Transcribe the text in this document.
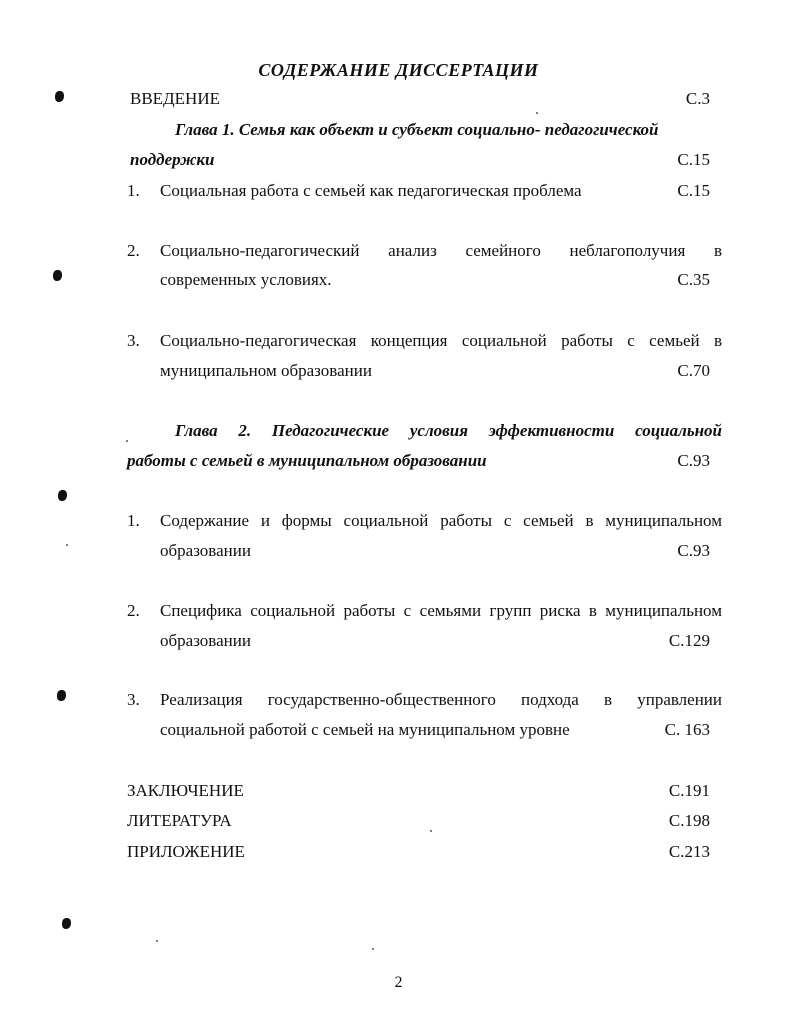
СОДЕРЖАНИЕ ДИССЕРТАЦИИ
ВВЕДЕНИЕ	С.3
Глава 1. Семья как объект и субъект социально- педагогической
поддержки	С.15
1. Социальная работа с семьей как педагогическая проблема	С.15
2. Социально-педагогический анализ семейного неблагополучия в
современных условиях.	С.35
3. Социально-педагогическая концепция социальной работы с семьей в
муниципальном образовании	С.70
Глава 2. Педагогические условия эффективности социальной
работы с семьей в муниципальном образовании	С.93
1. Содержание и формы социальной работы с семьей в муниципальном
образовании	С.93
2. Специфика социальной работы с семьями групп риска в муниципальном
образовании	С.129
3. Реализация государственно-общественного подхода в управлении
социальной работой с семьей на муниципальном уровне	С. 163
ЗАКЛЮЧЕНИЕ	С.191
ЛИТЕРАТУРА	С.198
ПРИЛОЖЕНИЕ	С.213
2
